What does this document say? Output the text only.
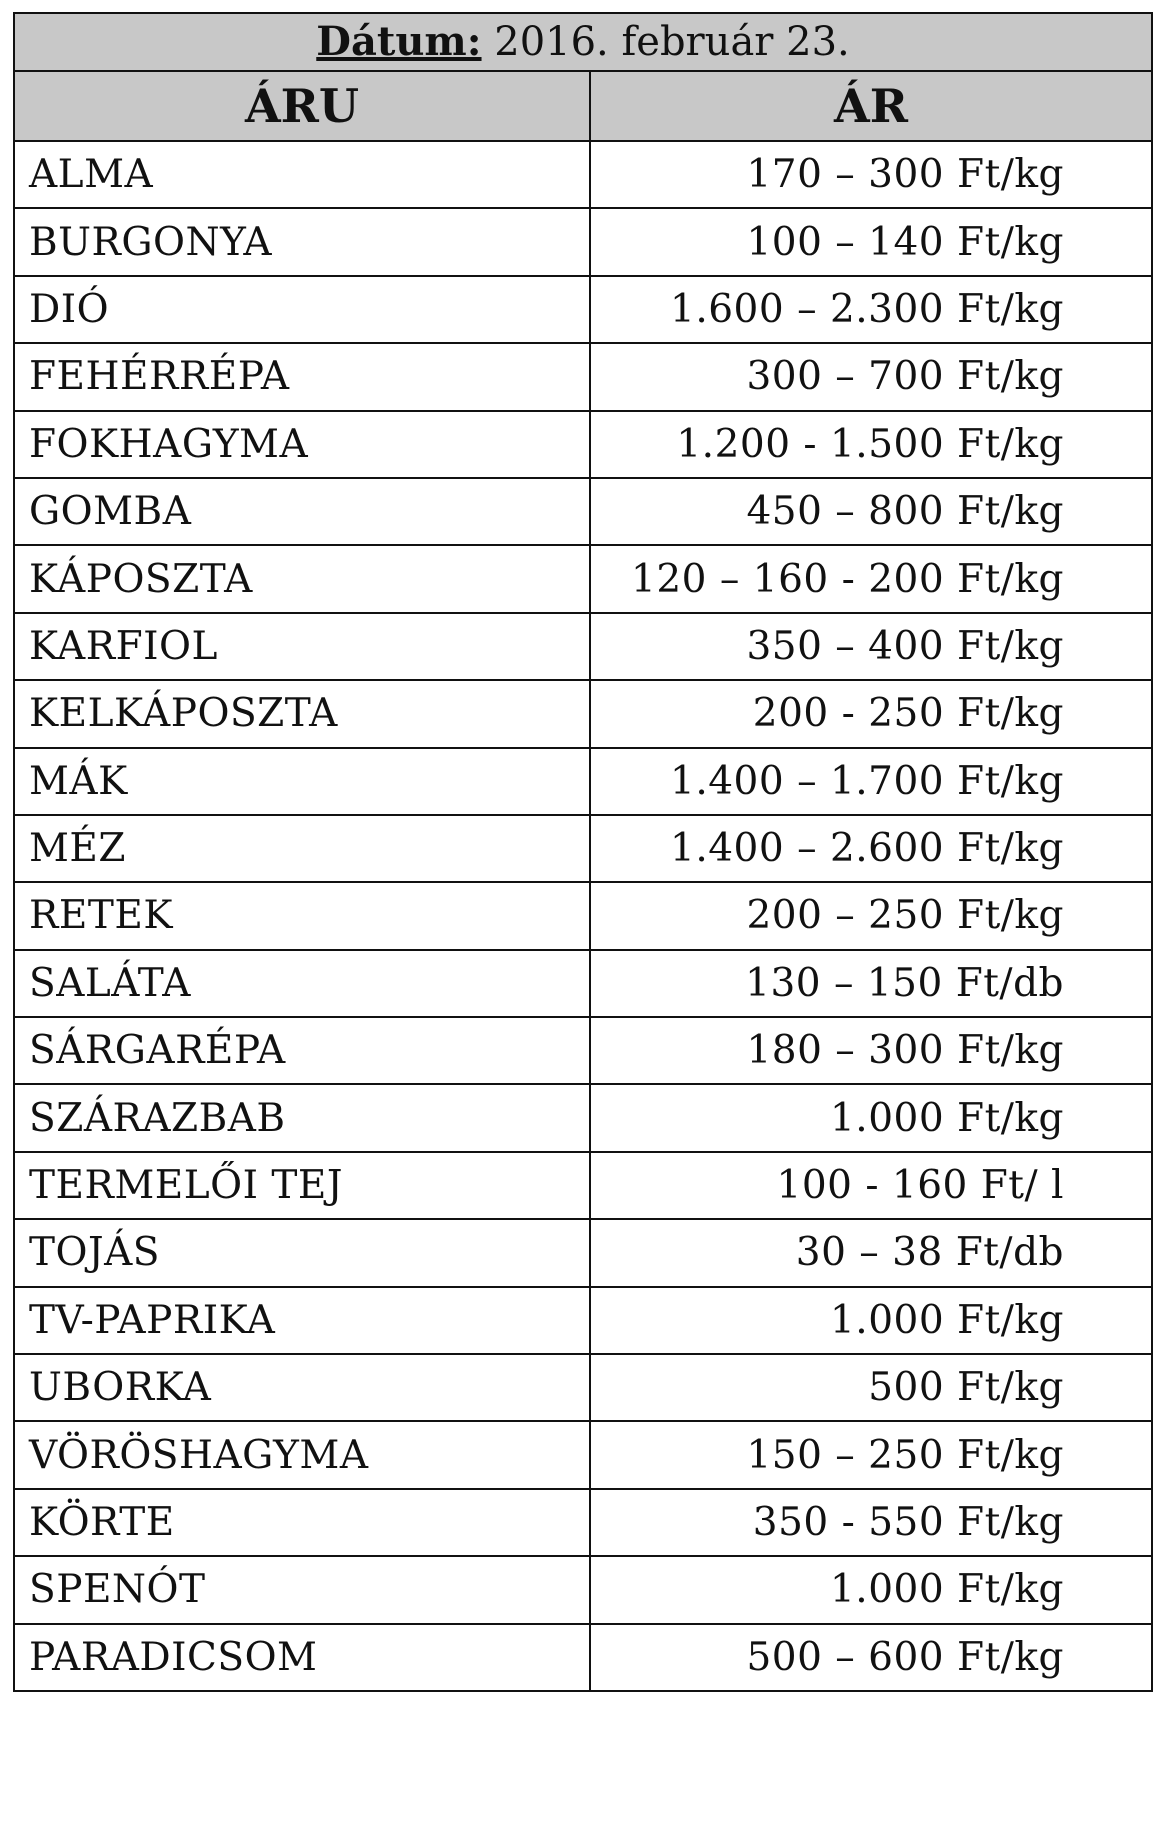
Dátum: 2016. február 23.	
ÁRU	ÁR
ALMA	170 – 300 Ft/kg
BURGONYA	100 – 140 Ft/kg
DIÓ	1.600 – 2.300 Ft/kg
FEHÉRRÉPA	300 – 700 Ft/kg
FOKHAGYMA	1.200 - 1.500 Ft/kg
GOMBA	450 – 800 Ft/kg
KÁPOSZTA	120 – 160 - 200 Ft/kg
KARFIOL	350 – 400 Ft/kg
KELKÁPOSZTA	200 - 250 Ft/kg
MÁK	1.400 – 1.700 Ft/kg
MÉZ	1.400 – 2.600 Ft/kg
RETEK	200 – 250 Ft/kg
SALÁTA	130 – 150 Ft/db
SÁRGARÉPA	180 – 300 Ft/kg
SZÁRAZBAB	1.000 Ft/kg
TERMELŐI TEJ	100 - 160 Ft/ l
TOJÁS	30 – 38 Ft/db
TV-PAPRIKA	1.000 Ft/kg
UBORKA	500 Ft/kg
VÖRÖSHAGYMA	150 – 250 Ft/kg
KÖRTE	350 - 550 Ft/kg
SPENÓT	1.000 Ft/kg
PARADICSOM	500 – 600 Ft/kg
